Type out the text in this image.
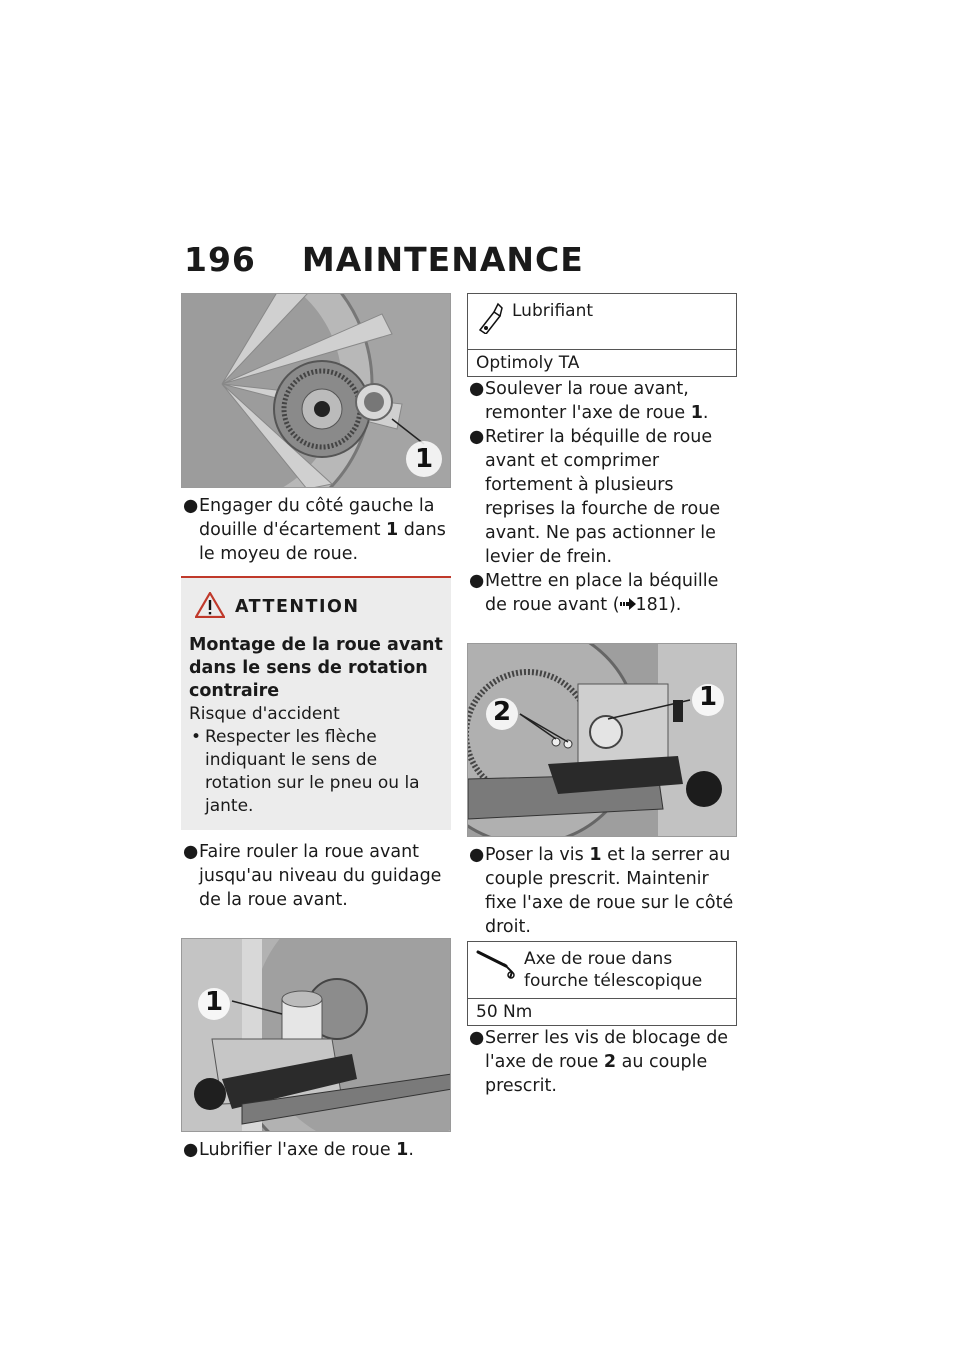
196 MAINTENANCE
1
● Engager du côté gauche la douille d'écartement 1 dans le moyeu de roue.
ATTENTION
Montage de la roue avant dans le sens de rotation contraire
Risque d'accident
• Respecter les flèche indiquant le sens de rotation sur le pneu ou la jante.
● Faire rouler la roue avant jusqu'au niveau du guidage de la roue avant.
1
● Lubrifier l'axe de roue 1.
Lubrifiant
Optimoly TA
● Soulever la roue avant, remonter l'axe de roue 1.
● Retirer la béquille de roue avant et comprimer fortement à plusieurs reprises la fourche de roue avant. Ne pas actionner le levier de frein.
● Mettre en place la béquille de roue avant ( 181).
2	1
● Poser la vis 1 et la serrer au couple prescrit. Maintenir fixe l'axe de roue sur le côté droit.
Axe de roue dans fourche télescopique
50 Nm
● Serrer les vis de blocage de l'axe de roue 2 au couple prescrit.
